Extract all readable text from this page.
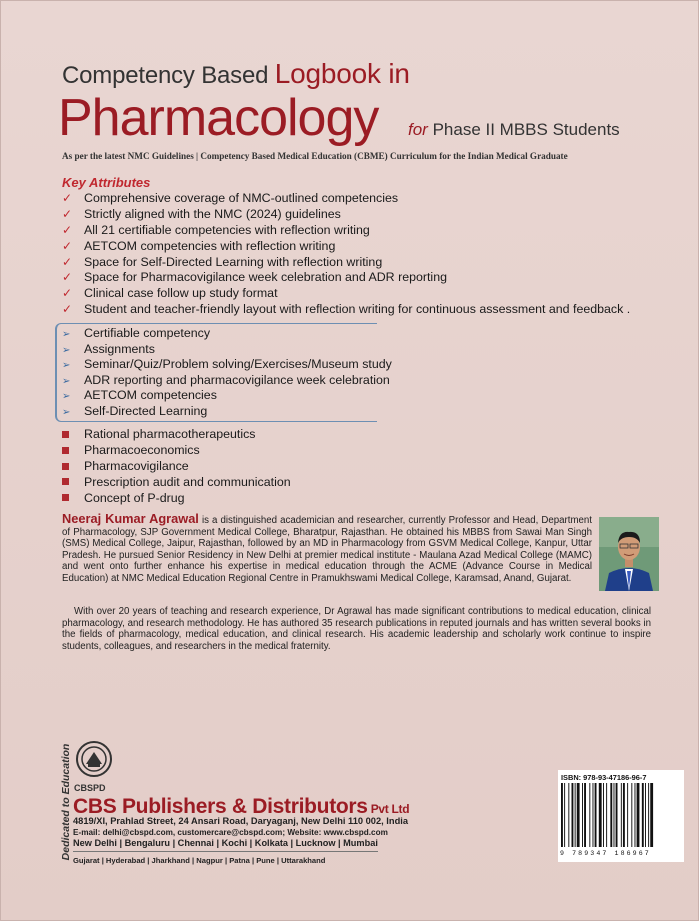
Competency Based Logbook in
Pharmacology for Phase II MBBS Students
As per the latest NMC Guidelines | Competency Based Medical Education (CBME) Curriculum for the Indian Medical Graduate
Key Attributes
✓ Comprehensive coverage of NMC-outlined competencies
✓ Strictly aligned with the NMC (2024) guidelines
✓ All 21 certifiable competencies with reflection writing
✓ AETCOM competencies with reflection writing
✓ Space for Self-Directed Learning with reflection writing
✓ Space for Pharmacovigilance week celebration and ADR reporting
✓ Clinical case follow up study format
✓ Student and teacher-friendly layout with reflection writing for continuous assessment and feedback .
➢ Certifiable competency
➢ Assignments
➢ Seminar/Quiz/Problem solving/Exercises/Museum study
➢ ADR reporting and pharmacovigilance week celebration
➢ AETCOM competencies
➢ Self-Directed Learning
Rational pharmacotherapeutics
Pharmacoeconomics
Pharmacovigilance
Prescription audit and communication
Concept of P-drug
Neeraj Kumar Agrawal is a distinguished academician and researcher, currently Professor and Head, Department of Pharmacology, SJP Government Medical College, Bharatpur, Rajasthan. He obtained his MBBS from Sawai Man Singh (SMS) Medical College, Jaipur, Rajasthan, followed by an MD in Pharmacology from GSVM Medical College, Kanpur, Uttar Pradesh. He pursued Senior Residency in New Delhi at premier medical institute - Maulana Azad Medical College (MAMC) and went onto further enhance his expertise in medical education through the ACME (Advance Course in Medical Education) at NMC Medical Education Regional Centre in Pramukhswami Medical College, Karamsad, Anand, Gujarat.
With over 20 years of teaching and research experience, Dr Agrawal has made significant contributions to medical education, clinical pharmacology, and research methodology. He has authored 35 research publications in reputed journals and has written several books in the fields of pharmacology, medical education, and clinical research. His academic leadership and scholarly work continue to inspire students, colleagues, and researchers in the medical fraternity.
Dedicated to Education CBSPD
CBS Publishers & Distributors Pvt Ltd
4819/XI, Prahlad Street, 24 Ansari Road, Daryaganj, New Delhi 110 002, India
E-mail: delhi@cbspd.com, customercare@cbspd.com; Website: www.cbspd.com
New Delhi | Bengaluru | Chennai | Kochi | Kolkata | Lucknow | Mumbai
Gujarat | Hyderabad | Jharkhand | Nagpur | Patna | Pune | Uttarakhand
ISBN: 978-93-47186-96-7
9 789347 186967
